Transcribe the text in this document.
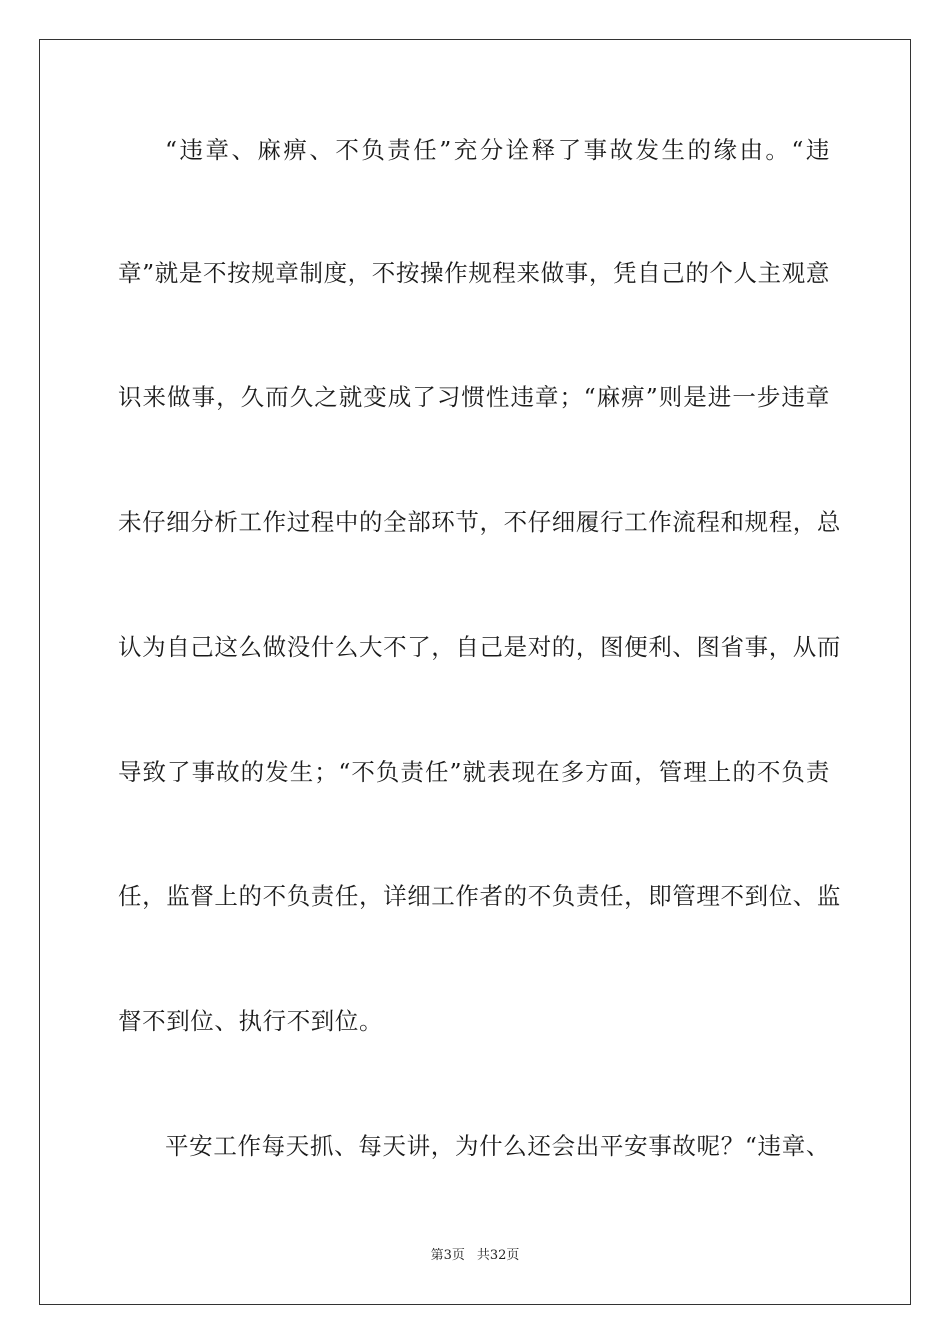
“违章、麻痹、不负责任”充分诠释了事故发生的缘由。“违
章”就是不按规章制度，不按操作规程来做事，凭自己的个人主观意
识来做事，久而久之就变成了习惯性违章；“麻痹”则是进一步违章
未仔细分析工作过程中的全部环节，不仔细履行工作流程和规程，总
认为自己这么做没什么大不了，自己是对的，图便利、图省事，从而
导致了事故的发生；“不负责任”就表现在多方面，管理上的不负责
任，监督上的不负责任，详细工作者的不负责任，即管理不到位、监
督不到位、执行不到位。
平安工作每天抓、每天讲，为什么还会出平安事故呢？“违章、
第3页 共32页
